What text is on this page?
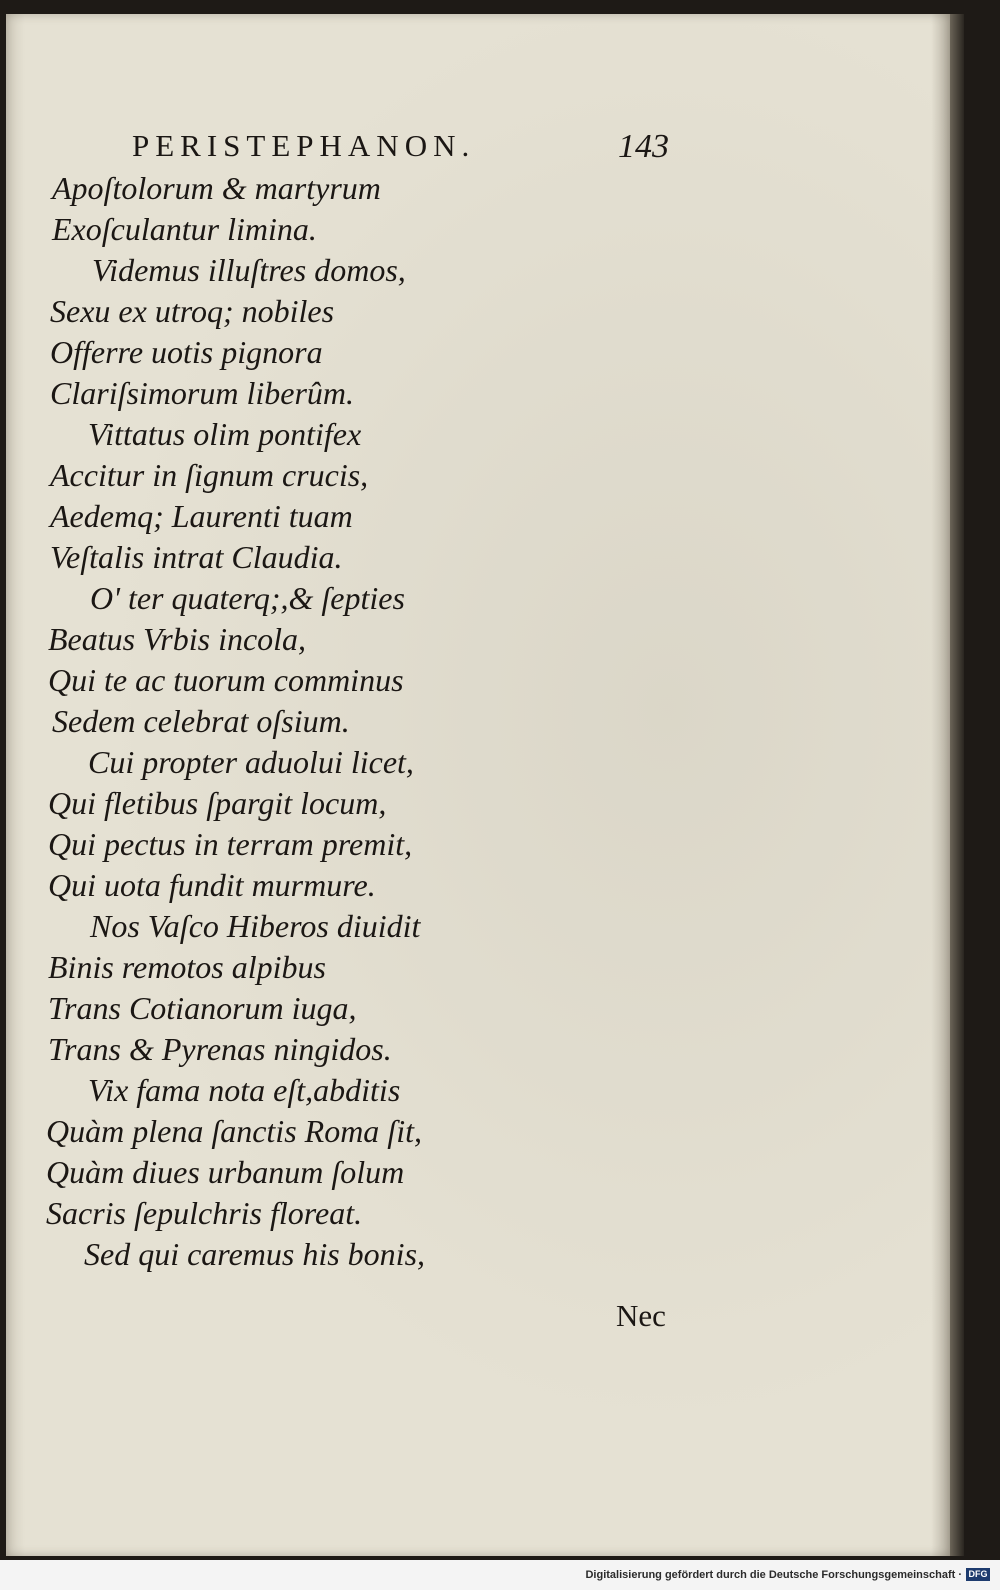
PERISTEPHANON.	143
Apoſtolorum & martyrum
Exoſculantur limina.
Videmus illuſtres domos,
Sexu ex utroq; nobiles
Offerre uotis pignora
Clariſsimorum liberûm.
Vittatus olim pontifex
Accitur in ſignum crucis,
Aedemq; Laurenti tuam
Veſtalis intrat Claudia.
O' ter quaterq;,& ſepties
Beatus Vrbis incola,
Qui te ac tuorum comminus
Sedem celebrat oſsium.
Cui propter aduolui licet,
Qui fletibus ſpargit locum,
Qui pectus in terram premit,
Qui uota fundit murmure.
Nos Vaſco Hiberos diuidit
Binis remotos alpibus
Trans Cotianorum iuga,
Trans & Pyrenas ningidos.
Vix fama nota eſt,abditis
Quàm plena ſanctis Roma ſit,
Quàm diues urbanum ſolum
Sacris ſepulchris floreat.
Sed qui caremus his bonis,
Nec
Digitalisierung gefördert durch die Deutsche Forschungsgemeinschaft · DFG
